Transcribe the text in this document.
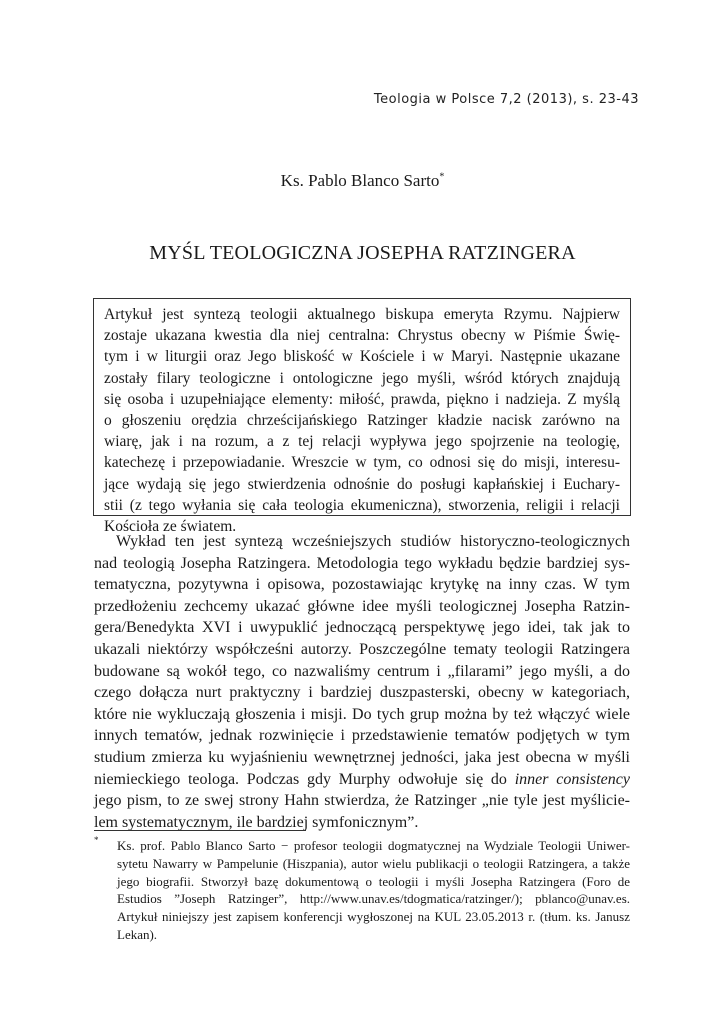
Teologia w Polsce 7,2 (2013), s. 23-43
Ks. Pablo Blanco Sarto*
MYŚL TEOLOGICZNA JOSEPHA RATZINGERA
Artykuł jest syntezą teologii aktualnego biskupa emeryta Rzymu. Najpierw
zostaje ukazana kwestia dla niej centralna: Chrystus obecny w Piśmie Świę-
tym i w liturgii oraz Jego bliskość w Kościele i w Maryi. Następnie ukazane
zostały filary teologiczne i ontologiczne jego myśli, wśród których znajdują
się osoba i uzupełniające elementy: miłość, prawda, piękno i nadzieja. Z myślą
o głoszeniu orędzia chrześcijańskiego Ratzinger kładzie nacisk zarówno na
wiarę, jak i na rozum, a z tej relacji wypływa jego spojrzenie na teologię,
katechezę i przepowiadanie. Wreszcie w tym, co odnosi się do misji, interesu-
jące wydają się jego stwierdzenia odnośnie do posługi kapłańskiej i Euchary-
stii (z tego wyłania się cała teologia ekumeniczna), stworzenia, religii i relacji
Kościoła ze światem.
Wykład ten jest syntezą wcześniejszych studiów historyczno-teologicznych
nad teologią Josepha Ratzingera. Metodologia tego wykładu będzie bardziej sys-
tematyczna, pozytywna i opisowa, pozostawiając krytykę na inny czas. W tym
przedłożeniu zechcemy ukazać główne idee myśli teologicznej Josepha Ratzin-
gera/Benedykta XVI i uwypuklić jednoczącą perspektywę jego idei, tak jak to
ukazali niektórzy współcześni autorzy. Poszczególne tematy teologii Ratzingera
budowane są wokół tego, co nazwaliśmy centrum i „filarami” jego myśli, a do
czego dołącza nurt praktyczny i bardziej duszpasterski, obecny w kategoriach,
które nie wykluczają głoszenia i misji. Do tych grup można by też włączyć wiele
innych tematów, jednak rozwinięcie i przedstawienie tematów podjętych w tym
studium zmierza ku wyjaśnieniu wewnętrznej jedności, jaka jest obecna w myśli
niemieckiego teologa. Podczas gdy Murphy odwołuje się do inner consistency
jego pism, to ze swej strony Hahn stwierdza, że Ratzinger „nie tyle jest myślicie-
lem systematycznym, ile bardziej symfonicznym”.
*	Ks. prof. Pablo Blanco Sarto − profesor teologii dogmatycznej na Wydziale Teologii Uniwer-
sytetu Nawarry w Pampelunie (Hiszpania), autor wielu publikacji o teologii Ratzingera, a także
jego biografii. Stworzył bazę dokumentową o teologii i myśli Josepha Ratzingera (Foro de
Estudios ”Joseph Ratzinger”, http://www.unav.es/tdogmatica/ratzinger/); pblanco@unav.es.
Artykuł niniejszy jest zapisem konferencji wygłoszonej na KUL 23.05.2013 r. (tłum. ks. Janusz
Lekan).
